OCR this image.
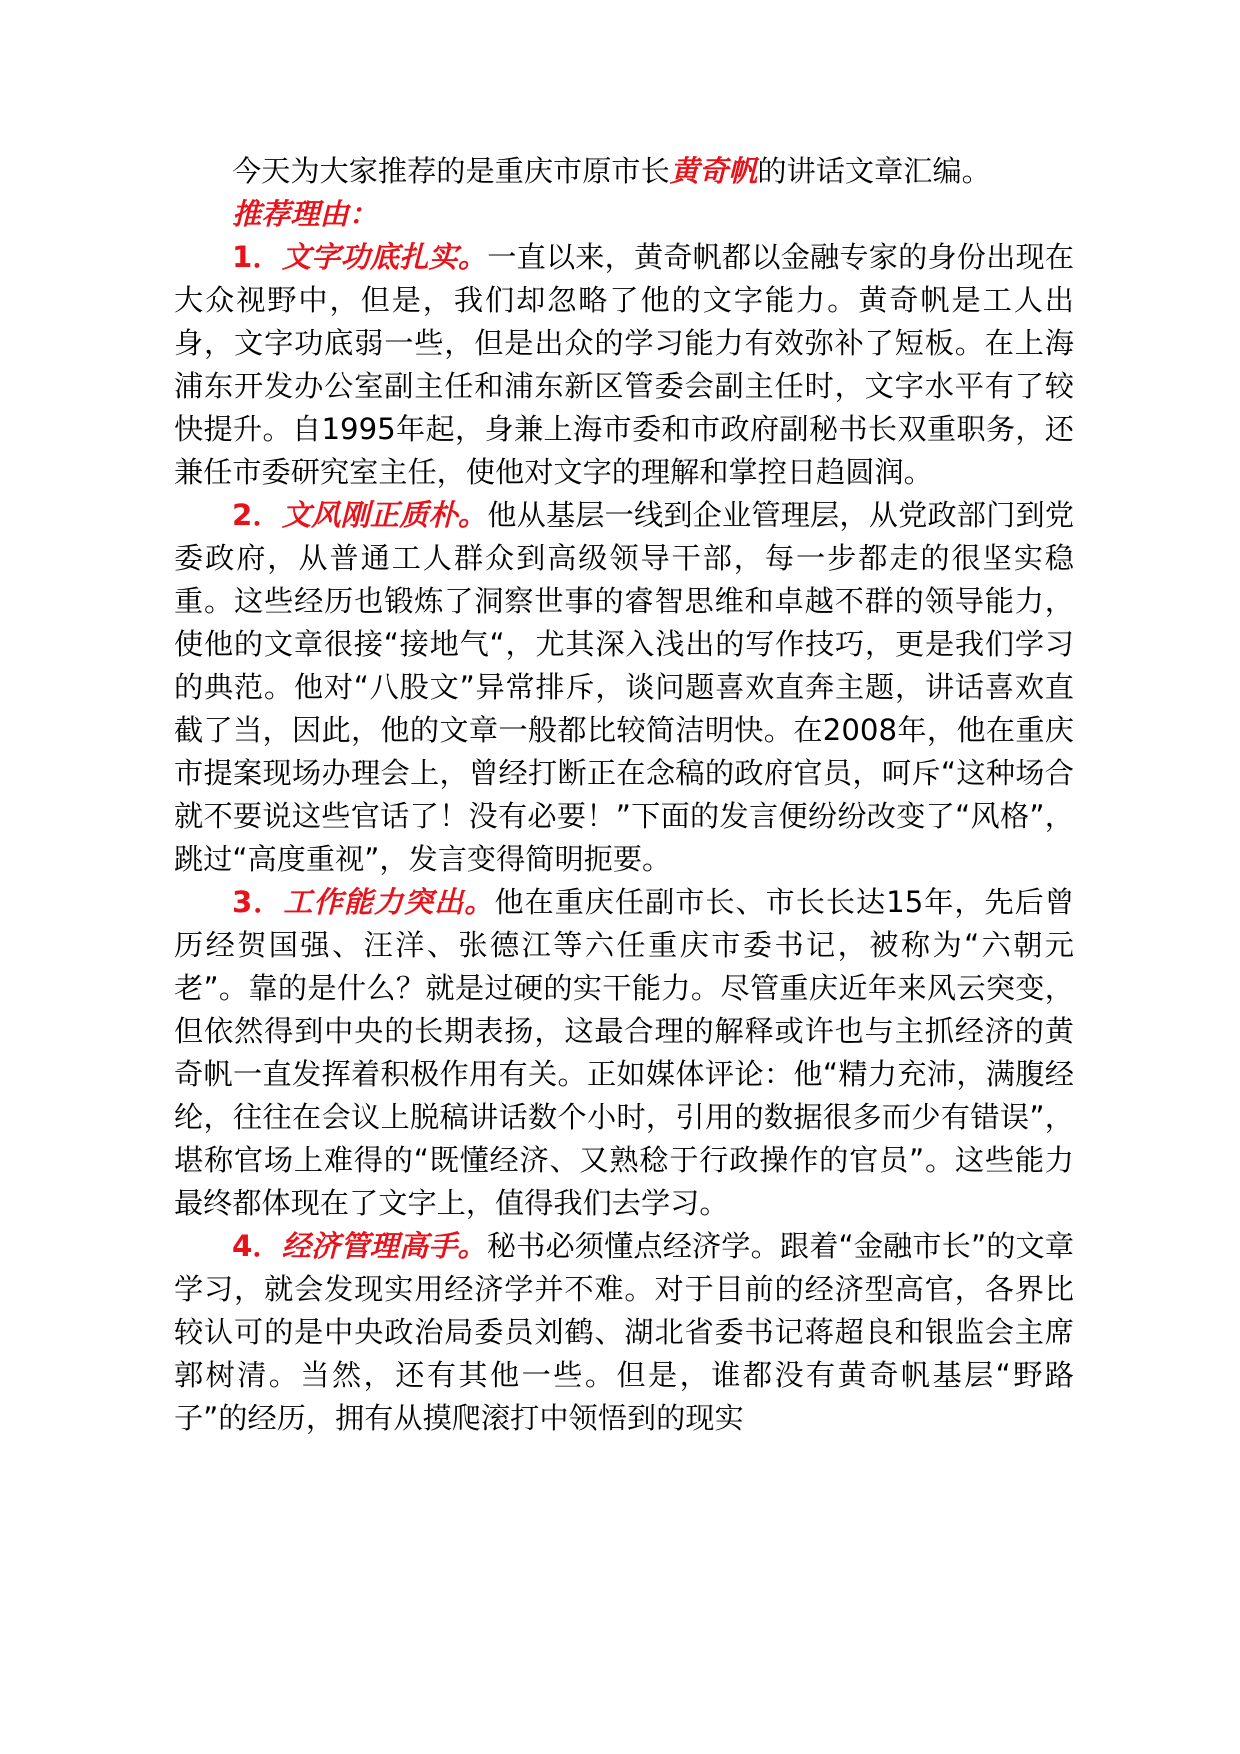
今天为大家推荐的是重庆市原市长黄奇帆的讲话文章汇编。

推荐理由：

1．文字功底扎实。一直以来，黄奇帆都以金融专家的身份出现在大众视野中，但是，我们却忽略了他的文字能力。黄奇帆是工人出身，文字功底弱一些，但是出众的学习能力有效弥补了短板。在上海浦东开发办公室副主任和浦东新区管委会副主任时，文字水平有了较快提升。自1995年起，身兼上海市委和市政府副秘书长双重职务，还兼任市委研究室主任，使他对文字的理解和掌控日趋圆润。

2．文风刚正质朴。他从基层一线到企业管理层，从党政部门到党委政府，从普通工人群众到高级领导干部，每一步都走的很坚实稳重。这些经历也锻炼了洞察世事的睿智思维和卓越不群的领导能力，使他的文章很接“接地气“，尤其深入浅出的写作技巧，更是我们学习的典范。他对“八股文”异常排斥，谈问题喜欢直奔主题，讲话喜欢直截了当，因此，他的文章一般都比较简洁明快。在2008年，他在重庆市提案现场办理会上，曾经打断正在念稿的政府官员，呵斥“这种场合就不要说这些官话了！没有必要！”下面的发言便纷纷改变了“风格”，跳过“高度重视”，发言变得简明扼要。

3．工作能力突出。他在重庆任副市长、市长长达15年，先后曾历经贺国强、汪洋、张德江等六任重庆市委书记，被称为“六朝元老”。靠的是什么？就是过硬的实干能力。尽管重庆近年来风云突变，但依然得到中央的长期表扬，这最合理的解释或许也与主抓经济的黄奇帆一直发挥着积极作用有关。正如媒体评论：他“精力充沛，满腹经纶，往往在会议上脱稿讲话数个小时，引用的数据很多而少有错误”，堪称官场上难得的“既懂经济、又熟稔于行政操作的官员”。这些能力最终都体现在了文字上，值得我们去学习。

4．经济管理高手。秘书必须懂点经济学。跟着“金融市长”的文章学习，就会发现实用经济学并不难。对于目前的经济型高官，各界比较认可的是中央政治局委员刘鹤、湖北省委书记蒋超良和银监会主席郭树清。当然，还有其他一些。但是，谁都没有黄奇帆基层“野路子”的经历，拥有从摸爬滚打中领悟到的现实
